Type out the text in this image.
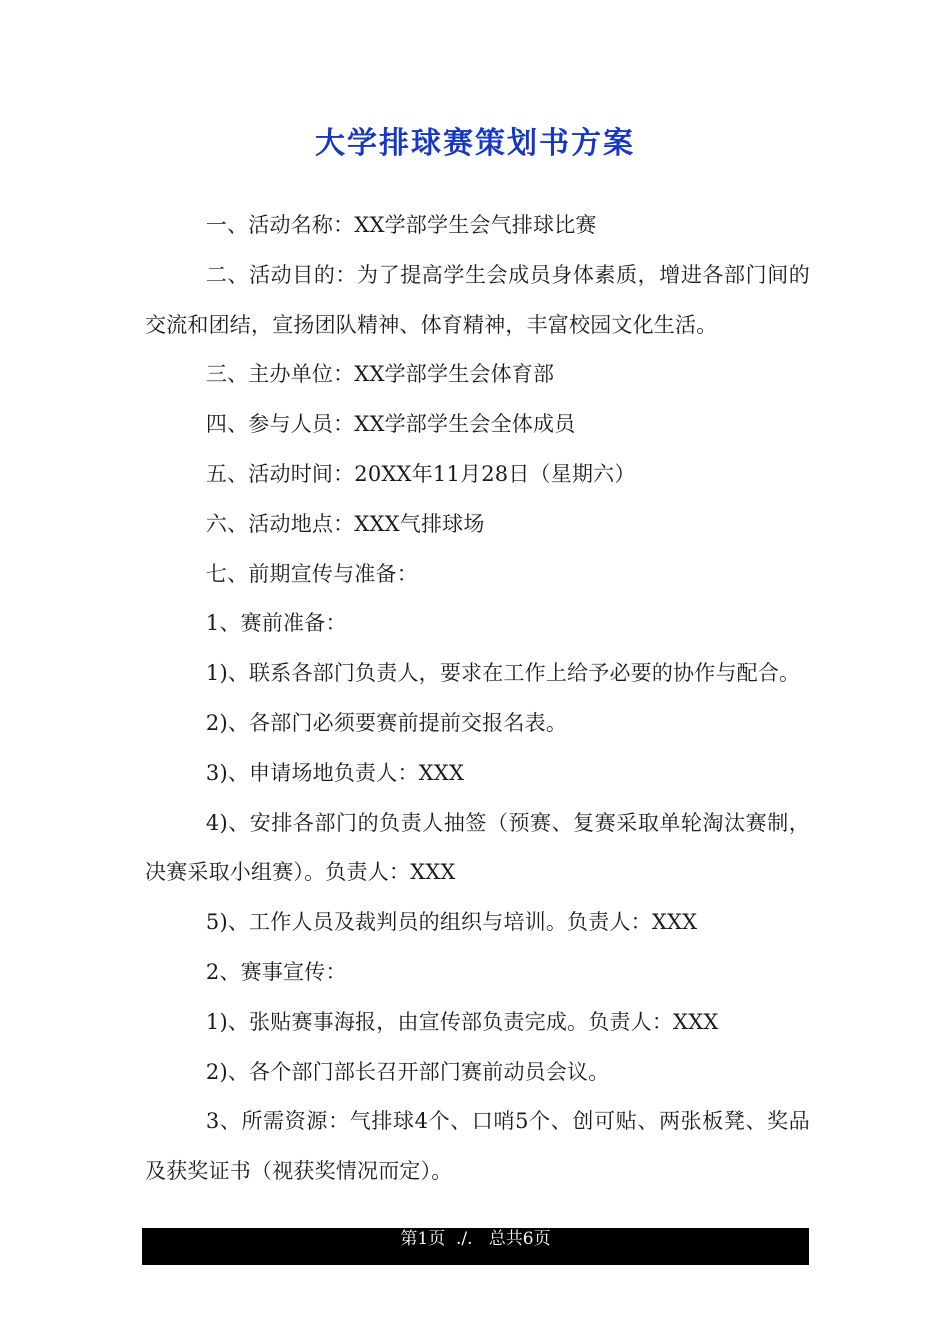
大学排球赛策划书方案

一、活动名称：XX学部学生会气排球比赛

二、活动目的：为了提高学生会成员身体素质，增进各部门间的交流和团结，宣扬团队精神、体育精神，丰富校园文化生活。

三、主办单位：XX学部学生会体育部

四、参与人员：XX学部学生会全体成员

五、活动时间：20XX年11月28日（星期六）

六、活动地点：XXX气排球场

七、前期宣传与准备：

1、赛前准备：

1)、联系各部门负责人，要求在工作上给予必要的协作与配合。

2)、各部门必须要赛前提前交报名表。

3)、申请场地负责人：XXX

4)、安排各部门的负责人抽签（预赛、复赛采取单轮淘汰赛制，决赛采取小组赛）。负责人：XXX

5)、工作人员及裁判员的组织与培训。负责人：XXX

2、赛事宣传：

1)、张贴赛事海报，由宣传部负责完成。负责人：XXX

2)、各个部门部长召开部门赛前动员会议。

3、所需资源：气排球4个、口哨5个、创可贴、两张板凳、奖品及获奖证书（视获奖情况而定）。

第1页  ./.   总共6页
